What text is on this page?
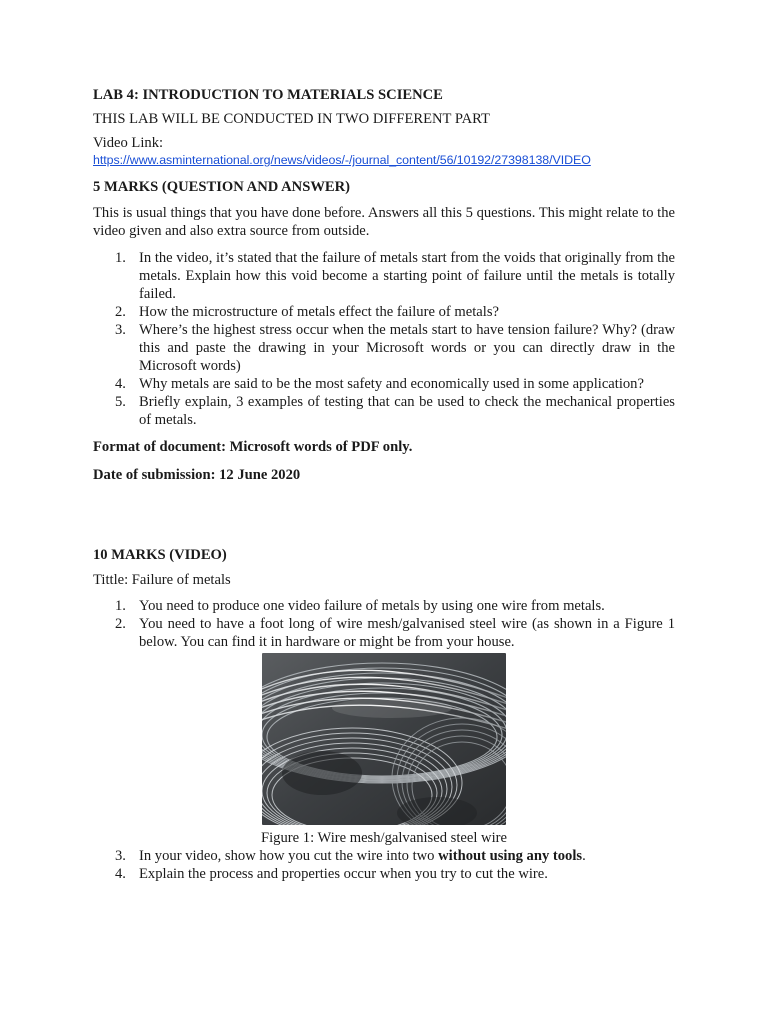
LAB 4: INTRODUCTION TO MATERIALS SCIENCE

THIS LAB WILL BE CONDUCTED IN TWO DIFFERENT PART

Video Link:

https://www.asminternational.org/news/videos/-/journal_content/56/10192/27398138/VIDEO

5 MARKS (QUESTION AND ANSWER)

This is usual things that you have done before. Answers all this 5 questions. This might relate to the video given and also extra source from outside.

1. In the video, it’s stated that the failure of metals start from the voids that originally from the metals. Explain how this void become a starting point of failure until the metals is totally failed.
2. How the microstructure of metals effect the failure of metals?
3. Where’s the highest stress occur when the metals start to have tension failure? Why? (draw this and paste the drawing in your Microsoft words or you can directly draw in the Microsoft words)
4. Why metals are said to be the most safety and economically used in some application?
5. Briefly explain, 3 examples of testing that can be used to check the mechanical properties of metals.

Format of document: Microsoft words of PDF only.

Date of submission: 12 June 2020

10 MARKS (VIDEO)

Tittle: Failure of metals

1. You need to produce one video failure of metals by using one wire from metals.
2. You need to have a foot long of wire mesh/galvanised steel wire (as shown in a Figure 1 below. You can find it in hardware or might be from your house.

Figure 1: Wire mesh/galvanised steel wire

3. In your video, show how you cut the wire into two without using any tools.
4. Explain the process and properties occur when you try to cut the wire.
